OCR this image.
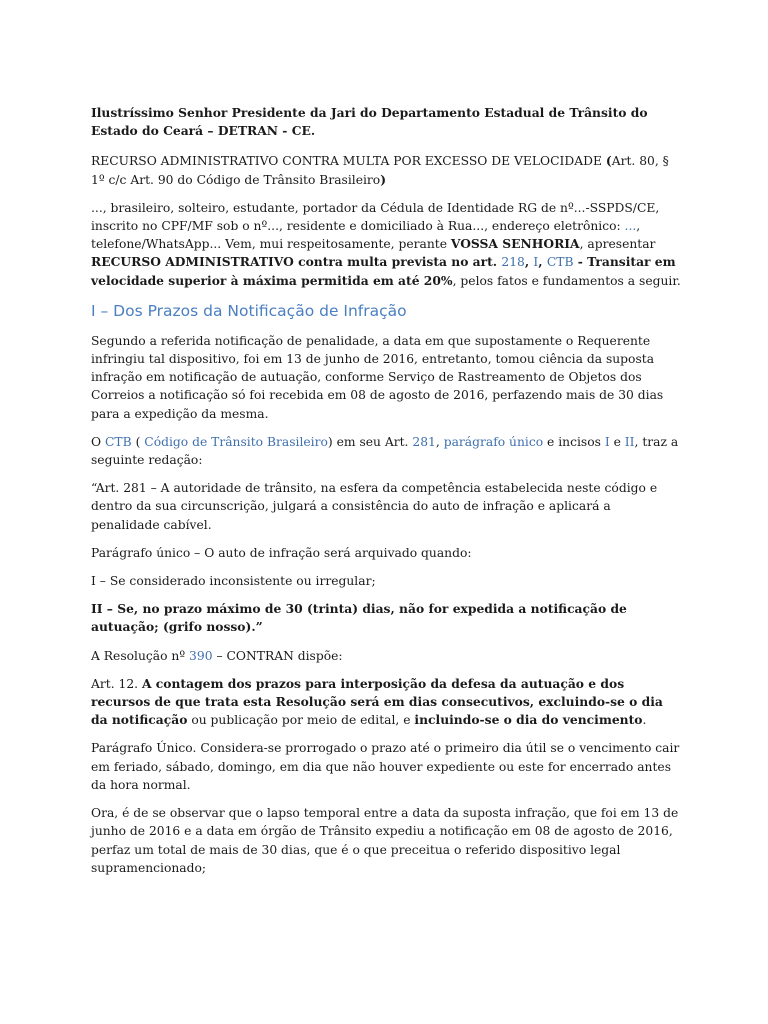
Ilustríssimo Senhor Presidente da Jari do Departamento Estadual de Trânsito do Estado do Ceará – DETRAN - CE.

RECURSO ADMINISTRATIVO CONTRA MULTA POR EXCESSO DE VELOCIDADE (Art. 80, § 1º c/c Art. 90 do Código de Trânsito Brasileiro)

..., brasileiro, solteiro, estudante, portador da Cédula de Identidade RG de nº...-SSPDS/CE, inscrito no CPF/MF sob o nº..., residente e domiciliado à Rua..., endereço eletrônico: ..., telefone/WhatsApp... Vem, mui respeitosamente, perante VOSSA SENHORIA, apresentar RECURSO ADMINISTRATIVO contra multa prevista no art. 218, I, CTB - Transitar em velocidade superior à máxima permitida em até 20%, pelos fatos e fundamentos a seguir.

I – Dos Prazos da Notificação de Infração

Segundo a referida notificação de penalidade, a data em que supostamente o Requerente infringiu tal dispositivo, foi em 13 de junho de 2016, entretanto, tomou ciência da suposta infração em notificação de autuação, conforme Serviço de Rastreamento de Objetos dos Correios a notificação só foi recebida em 08 de agosto de 2016, perfazendo mais de 30 dias para a expedição da mesma.

O CTB ( Código de Trânsito Brasileiro) em seu Art. 281, parágrafo único e incisos I e II, traz a seguinte redação:

“Art. 281 – A autoridade de trânsito, na esfera da competência estabelecida neste código e dentro da sua circunscrição, julgará a consistência do auto de infração e aplicará a penalidade cabível.

Parágrafo único – O auto de infração será arquivado quando:

I – Se considerado inconsistente ou irregular;

II – Se, no prazo máximo de 30 (trinta) dias, não for expedida a notificação de autuação; (grifo nosso).”

A Resolução nº 390 – CONTRAN dispõe:

Art. 12. A contagem dos prazos para interposição da defesa da autuação e dos recursos de que trata esta Resolução será em dias consecutivos, excluindo-se o dia da notificação ou publicação por meio de edital, e incluindo-se o dia do vencimento.

Parágrafo Único. Considera-se prorrogado o prazo até o primeiro dia útil se o vencimento cair em feriado, sábado, domingo, em dia que não houver expediente ou este for encerrado antes da hora normal.

Ora, é de se observar que o lapso temporal entre a data da suposta infração, que foi em 13 de junho de 2016 e a data em órgão de Trânsito expediu a notificação em 08 de agosto de 2016, perfaz um total de mais de 30 dias, que é o que preceitua o referido dispositivo legal supramencionado;
